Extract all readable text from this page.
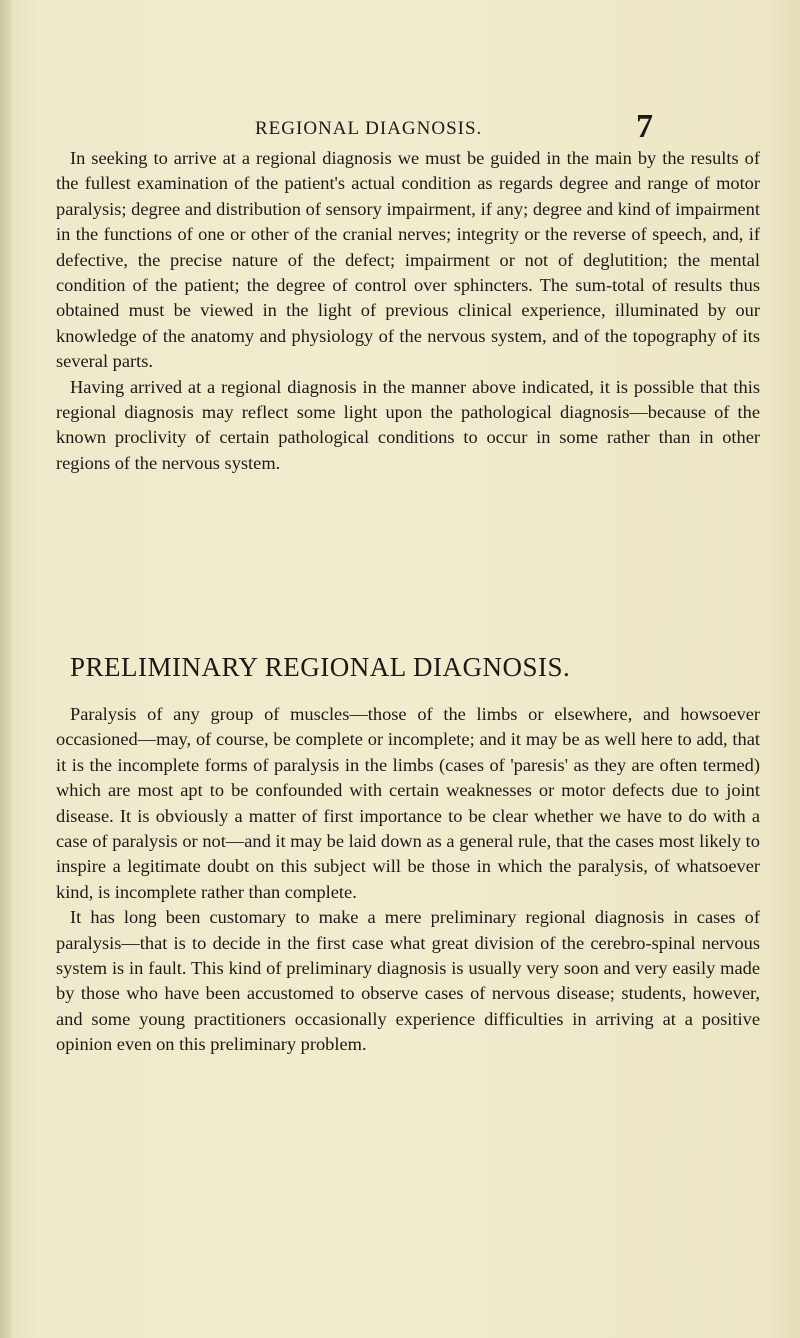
REGIONAL DIAGNOSIS.	7

In seeking to arrive at a regional diagnosis we must be guided in the main by the results of the fullest examination of the patient's actual condition as regards degree and range of motor paralysis; degree and distribution of sensory impairment, if any; degree and kind of impairment in the functions of one or other of the cranial nerves; integrity or the reverse of speech, and, if defective, the precise nature of the defect; impairment or not of deglutition; the mental condition of the patient; the degree of control over sphincters. The sum-total of results thus obtained must be viewed in the light of previous clinical experience, illuminated by our knowledge of the anatomy and physiology of the nervous system, and of the topography of its several parts.

Having arrived at a regional diagnosis in the manner above indicated, it is possible that this regional diagnosis may reflect some light upon the pathological diagnosis—because of the known proclivity of certain pathological conditions to occur in some rather than in other regions of the nervous system.

PRELIMINARY REGIONAL DIAGNOSIS.

Paralysis of any group of muscles—those of the limbs or elsewhere, and howsoever occasioned—may, of course, be complete or incomplete; and it may be as well here to add, that it is the incomplete forms of paralysis in the limbs (cases of 'paresis' as they are often termed) which are most apt to be confounded with certain weaknesses or motor defects due to joint disease. It is obviously a matter of first importance to be clear whether we have to do with a case of paralysis or not—and it may be laid down as a general rule, that the cases most likely to inspire a legitimate doubt on this subject will be those in which the paralysis, of whatsoever kind, is incomplete rather than complete.

It has long been customary to make a mere preliminary regional diagnosis in cases of paralysis—that is to decide in the first case what great division of the cerebro-spinal nervous system is in fault. This kind of preliminary diagnosis is usually very soon and very easily made by those who have been accustomed to observe cases of nervous disease; students, however, and some young practitioners occasionally experience difficulties in arriving at a positive opinion even on this preliminary problem.
